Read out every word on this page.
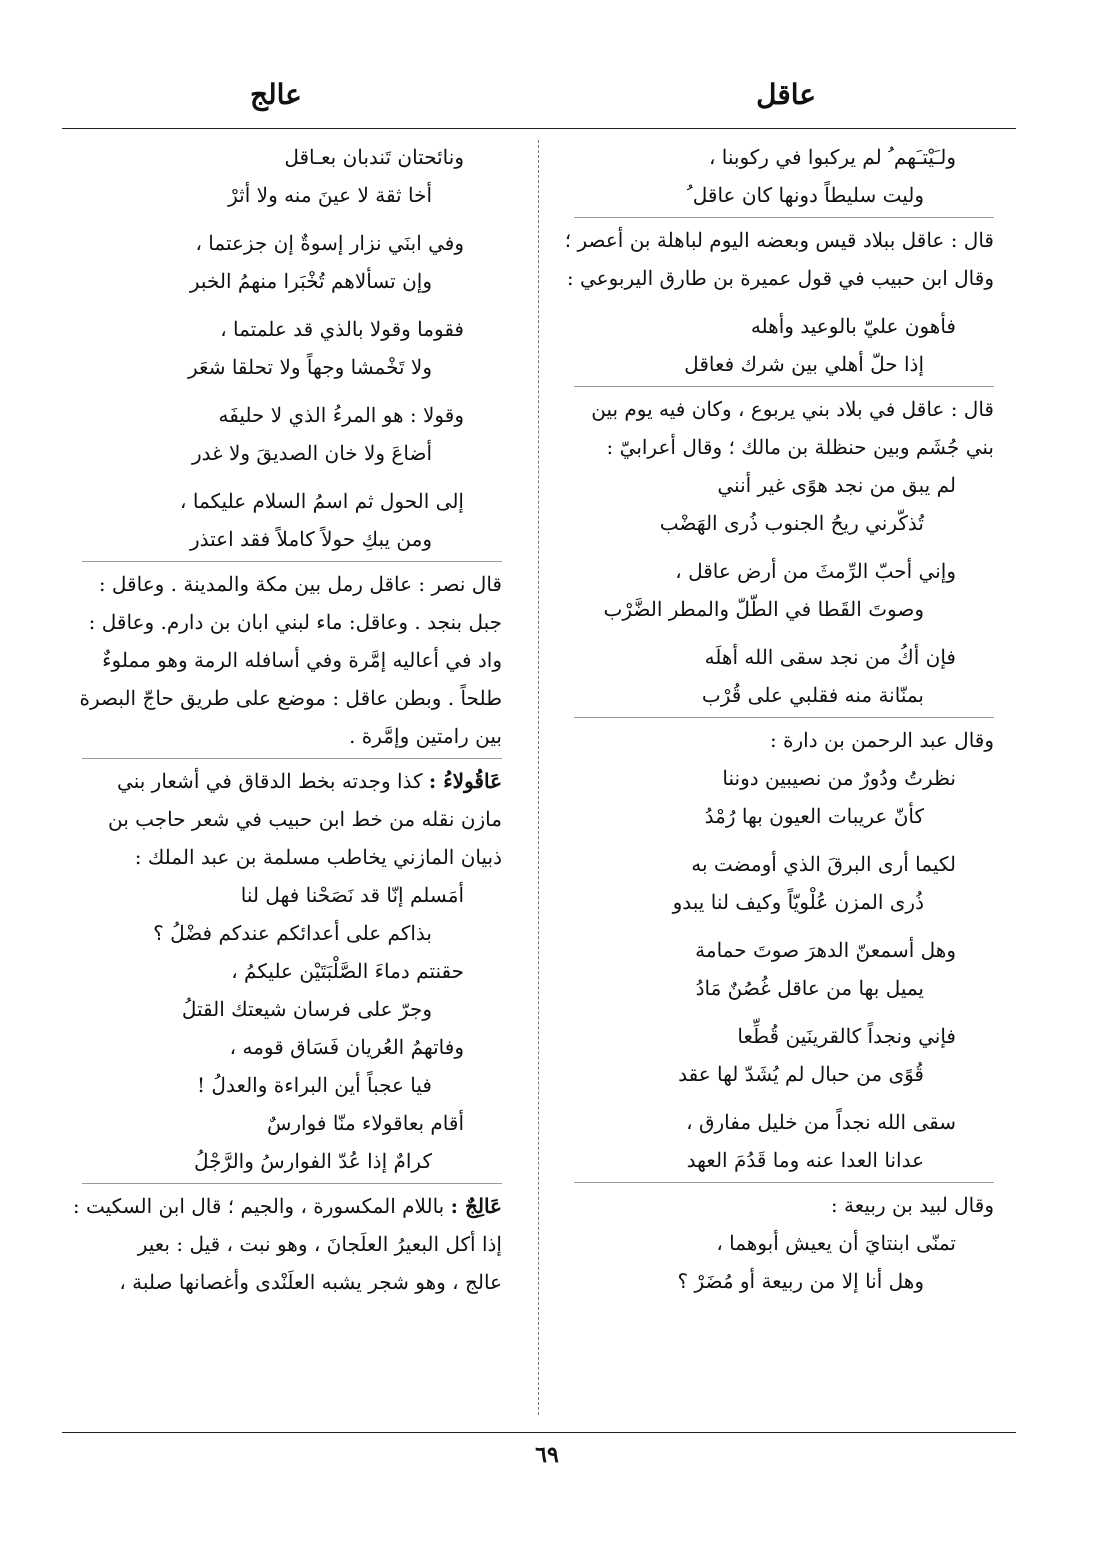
عاقل
عالج
ولـَيْتـَهم ُ لم يركبوا في ركوبنا ،
وليت سليطاً دونها كان عاقل ُ
قال : عاقل ببلاد قيس وبعضه اليوم لباهلة بن أعصر ؛
وقال ابن حبيب في قول عميرة بن طارق اليربوعي :
فأهون عليّ بالوعيد وأهله
إذا حلّ أهلي بين شرك فعاقل
قال : عاقل في بلاد بني يربوع ، وكان فيه يوم بين
بني جُشَم وبين حنظلة بن مالك ؛ وقال أعرابيّ :
لم يبق من نجد هوًى غير أنني
تُذكّرني ريحُ الجنوب ذُرى الهَضْب
وإني أحبّ الرِّمثَ من أرض عاقل ،
وصوتَ القَطا في الطّلّ والمطر الضَّرْب
فإن أكُ من نجد سقى الله أهلَه
بمنّانة منه فقلبي على قُرْب
وقال عبد الرحمن بن دارة :
نظرتُ ودُورٌ من نصيبين دوننا
كأنّ عريبات العيون بها رُمْدُ
لكيما أرى البرقَ الذي أومضت به
ذُرى المزن عُلْويّاً وكيف لنا يبدو
وهل أسمعنّ الدهرَ صوتَ حمامة
يميل بها من عاقل غُصُنٌ مَادُ
فإني ونجداً كالقرينَين قُطِّعا
قُوًى من حبال لم يُشَدّ لها عقد
سقى الله نجداً من خليل مفارق ،
عدانا العدا عنه وما قَدُمَ العهد
وقال لبيد بن ربيعة :
تمنّى ابنتايَ أن يعيش أبوهما ،
وهل أنا إلا من ربيعة أو مُضَرْ ؟
ونائحتان تَندبان بعـاقل
أخا ثقة لا عينَ منه ولا أثرْ
وفي ابنَي نزار إسوةٌ إن جزعتما ،
وإن تسألاهم تُخْبَرا منهمُ الخبر
فقوما وقولا بالذي قد علمتما ،
ولا تَخْمشا وجهاً ولا تحلقا شعَر
وقولا : هو المرءُ الذي لا حليفَه
أضاعَ ولا خان الصديقَ ولا غدر
إلى الحول ثم اسمُ السلام عليكما ،
ومن يبكِ حولاً كاملاً فقد اعتذر
قال نصر : عاقل رمل بين مكة والمدينة . وعاقل :
جبل بنجد . وعاقل: ماء لبني ابان بن دارم. وعاقل :
واد في أعاليه إمَّرة وفي أسافله الرمة وهو مملوءٌ
طلحاً . وبطن عاقل : موضع على طريق حاجّ البصرة
بين رامتين وإمَّرة .
عَاقُولاءُ : كذا وجدته بخط الدقاق في أشعار بني
مازن نقله من خط ابن حبيب في شعر حاجب بن
ذبيان المازني يخاطب مسلمة بن عبد الملك :
أمَسلم إنّا قد نَصَحْنا فهل لنا
بذاكم على أعدائكم عندكم فضْلُ ؟
حقنتم دماءَ الصَّلْبَتَيْن عليكمُ ،
وجرّ على فرسان شيعتك القتلُ
وفاتهمُ العُريان فَسَاق قومه ،
فيا عجباً أين البراءة والعدلُ !
أقام بعاقولاء منّا فوارسٌ
كرامٌ إذا عُدّ الفوارسُ والرَّجْلُ
عَالِجٌ : باللام المكسورة ، والجيم ؛ قال ابن السكيت :
إذا أكل البعيرُ العلَجانَ ، وهو نبت ، قيل : بعير
عالج ، وهو شجر يشبه العلَنْدى وأغصانها صلبة ،
٦٩
